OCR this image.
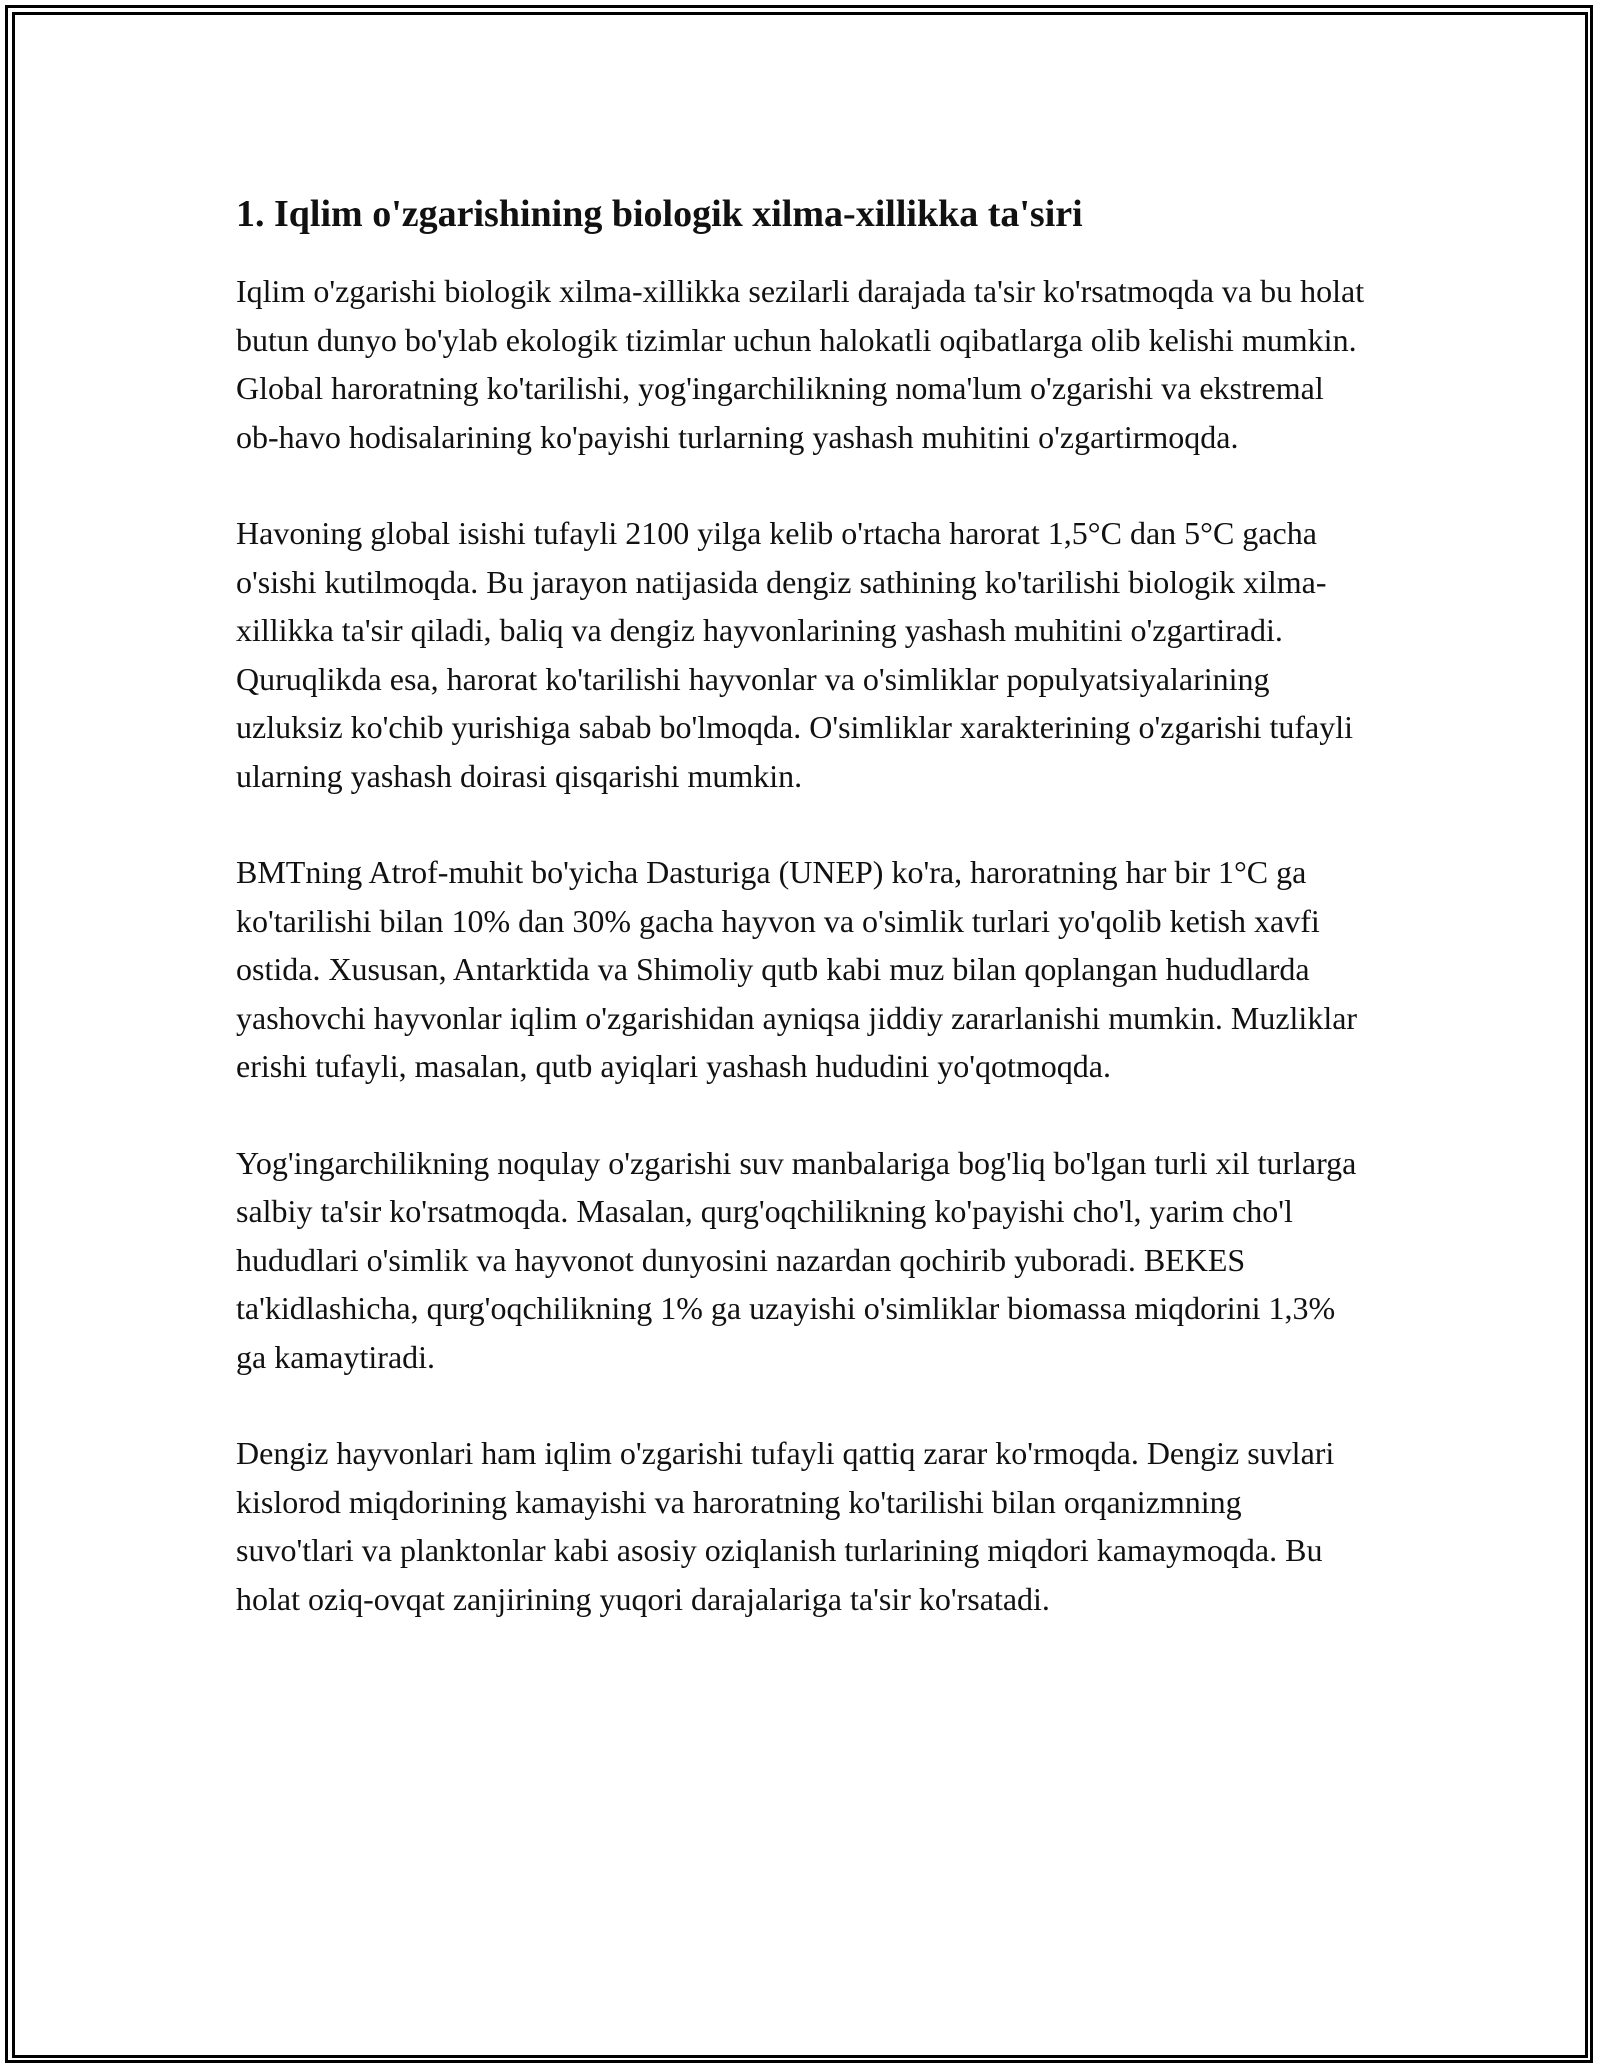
1. Iqlim o'zgarishining biologik xilma-xillikka ta'siri

Iqlim o'zgarishi biologik xilma-xillikka sezilarli darajada ta'sir ko'rsatmoqda va bu holat butun dunyo bo'ylab ekologik tizimlar uchun halokatli oqibatlarga olib kelishi mumkin. Global haroratning ko'tarilishi, yog'ingarchilikning noma'lum o'zgarishi va ekstremal ob-havo hodisalarining ko'payishi turlarning yashash muhitini o'zgartirmoqda.

Havoning global isishi tufayli 2100 yilga kelib o'rtacha harorat 1,5°C dan 5°C gacha o'sishi kutilmoqda. Bu jarayon natijasida dengiz sathining ko'tarilishi biologik xilma-xillikka ta'sir qiladi, baliq va dengiz hayvonlarining yashash muhitini o'zgartiradi. Quruqlikda esa, harorat ko'tarilishi hayvonlar va o'simliklar populyatsiyalarining uzluksiz ko'chib yurishiga sabab bo'lmoqda. O'simliklar xarakterining o'zgarishi tufayli ularning yashash doirasi qisqarishi mumkin.

BMTning Atrof-muhit bo'yicha Dasturiga (UNEP) ko'ra, haroratning har bir 1°C ga ko'tarilishi bilan 10% dan 30% gacha hayvon va o'simlik turlari yo'qolib ketish xavfi ostida. Xususan, Antarktida va Shimoliy qutb kabi muz bilan qoplangan hududlarda yashovchi hayvonlar iqlim o'zgarishidan ayniqsa jiddiy zararlanishi mumkin. Muzliklar erishi tufayli, masalan, qutb ayiqlari yashash hududini yo'qotmoqda.

Yog'ingarchilikning noqulay o'zgarishi suv manbalariga bog'liq bo'lgan turli xil turlarga salbiy ta'sir ko'rsatmoqda. Masalan, qurg'oqchilikning ko'payishi cho'l, yarim cho'l hududlari o'simlik va hayvonot dunyosini nazardan qochirib yuboradi. BEKES ta'kidlashicha, qurg'oqchilikning 1% ga uzayishi o'simliklar biomassa miqdorini 1,3% ga kamaytiradi.

Dengiz hayvonlari ham iqlim o'zgarishi tufayli qattiq zarar ko'rmoqda. Dengiz suvlari kislorod miqdorining kamayishi va haroratning ko'tarilishi bilan orqanizmning suvo'tlari va planktonlar kabi asosiy oziqlanish turlarining miqdori kamaymoqda. Bu holat oziq-ovqat zanjirining yuqori darajalariga ta'sir ko'rsatadi.
